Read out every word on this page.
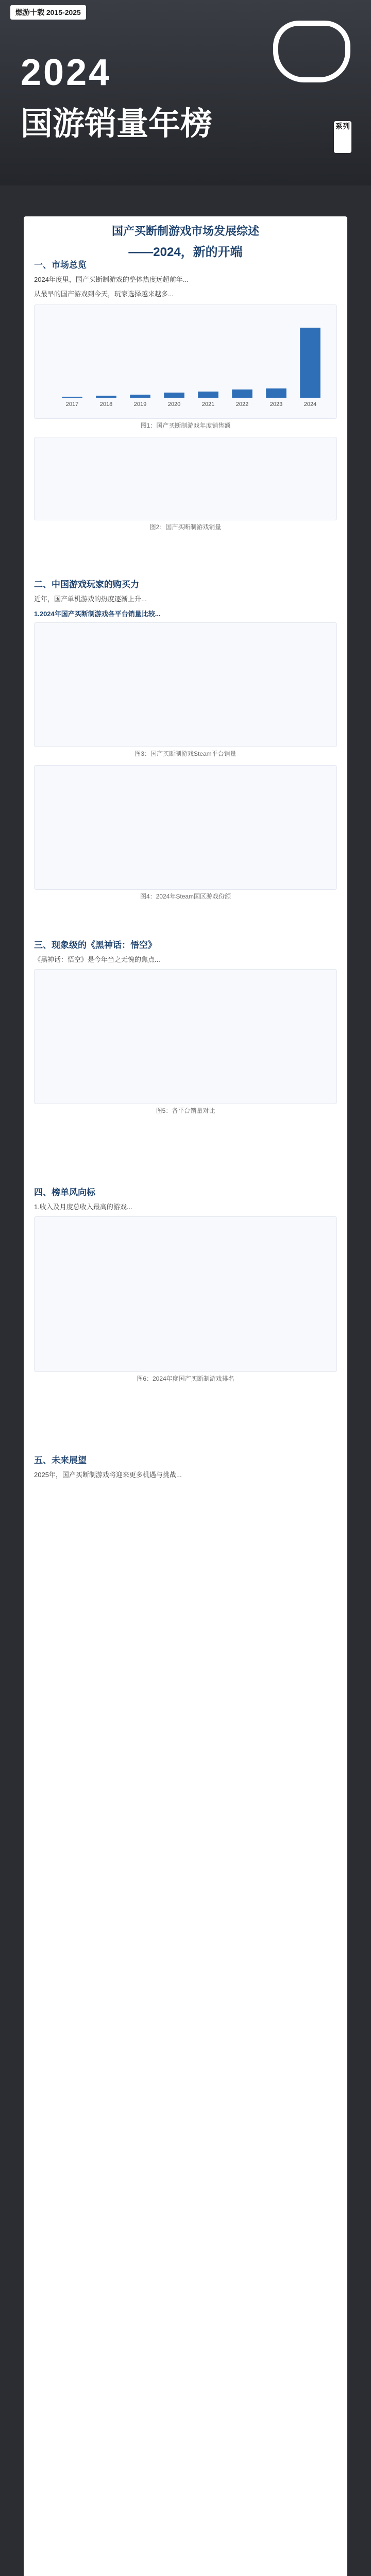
燃游十载 2015-2025
2024
国游销量年榜	系列
国产买断制游戏市场发展综述
——2024，新的开端
一、市场总览
2024年度里，国产买断制游戏的整体热度远超前年...
从最早的国产游戏到今天，玩家选择越来越多...
2017	2018	2019	2020	2021	2022	2023	2024
图1：国产买断制游戏年度销售额
图2：国产买断制游戏销量
二、中国游戏玩家的购买力
近年，国产单机游戏的热度逐渐上升...
1.2024年国产买断制游戏各平台销量比较...
图3：国产买断制游戏Steam平台销量
图4：2024年Steam国区游戏份额
三、现象级的《黑神话：悟空》
《黑神话：悟空》是今年当之无愧的焦点...
图5：各平台销量对比
四、榜单风向标
1.收入及月度总收入最高的游戏...
图6：2024年度国产买断制游戏排名
五、未来展望
2025年，国产买断制游戏将迎来更多机遇与挑战...
